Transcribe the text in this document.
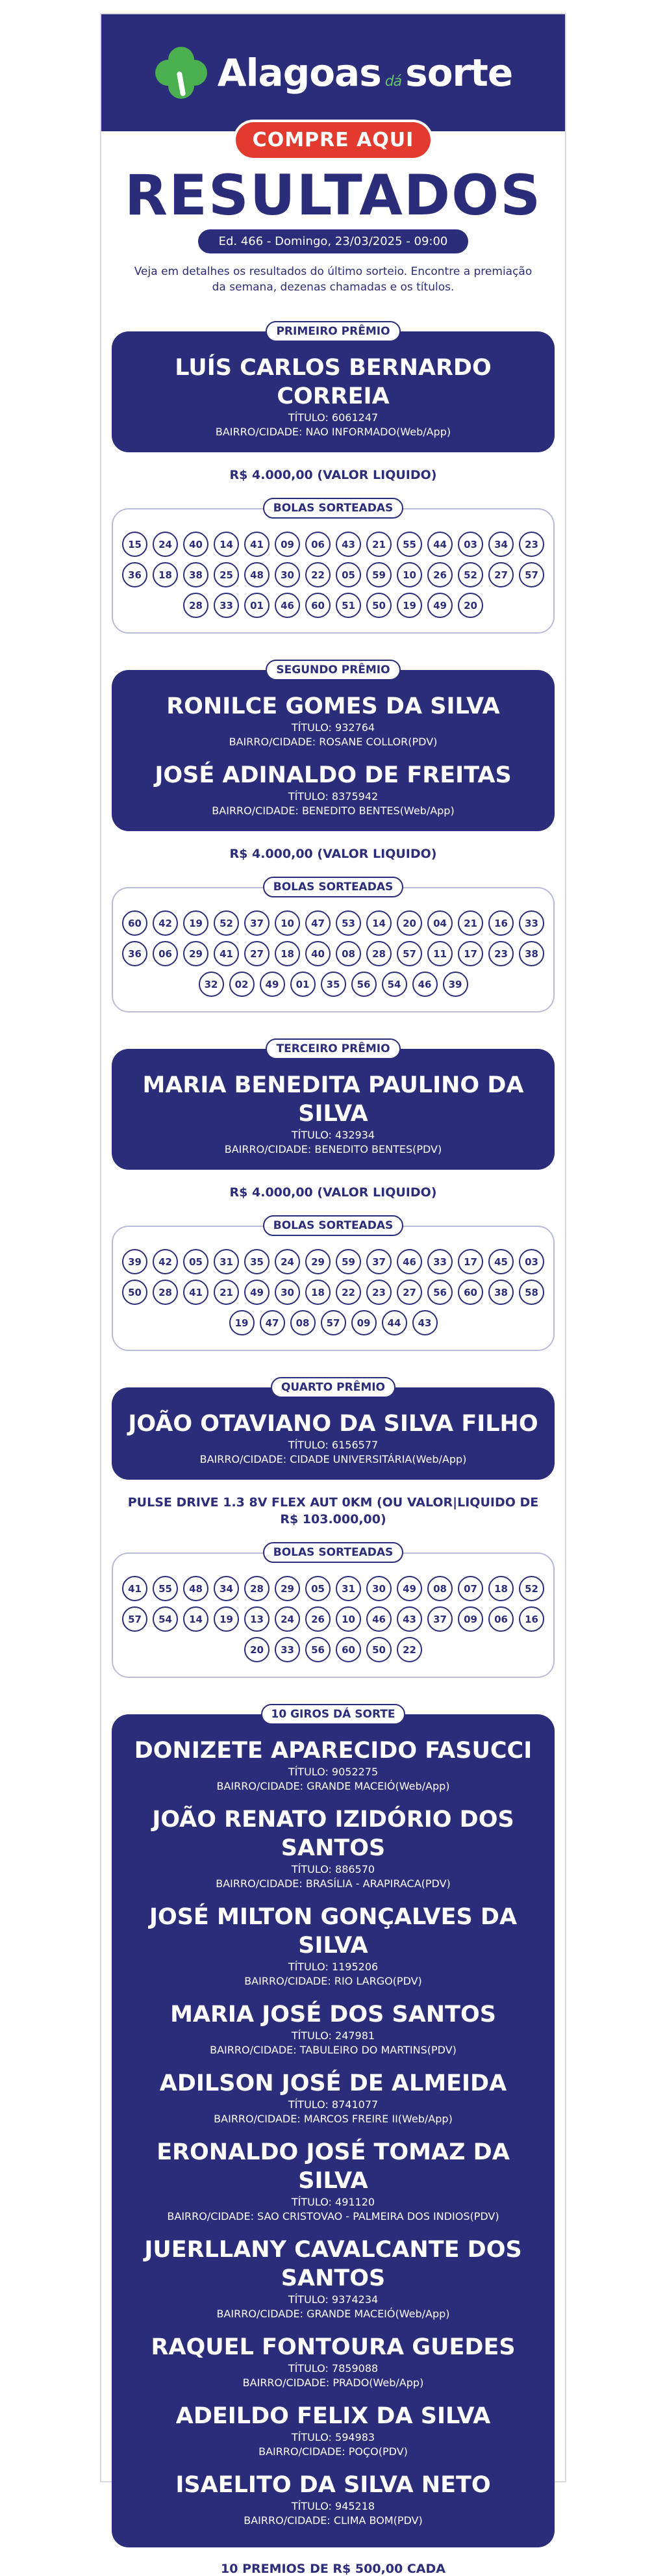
Alagoas dá sorte
COMPRE AQUI
RESULTADOS
Ed. 466 - Domingo, 23/03/2025 - 09:00

Veja em detalhes os resultados do último sorteio. Encontre a premiação da semana, dezenas chamadas e os títulos.

PRIMEIRO PRÊMIO
LUÍS CARLOS BERNARDO CORREIA
TÍTULO: 6061247
BAIRRO/CIDADE: NAO INFORMADO(Web/App)
R$ 4.000,00 (VALOR LIQUIDO)
BOLAS SORTEADAS
15	24	40	14	41	09	06	43	21	55	44	03	34	23
36	18	38	25	48	30	22	05	59	10	26	52	27	57
28	33	01	46	60	51	50	19	49	20
SEGUNDO PRÊMIO
RONILCE GOMES DA SILVA
TÍTULO: 932764
BAIRRO/CIDADE: ROSANE COLLOR(PDV)
JOSÉ ADINALDO DE FREITAS
TÍTULO: 8375942
BAIRRO/CIDADE: BENEDITO BENTES(Web/App)
R$ 4.000,00 (VALOR LIQUIDO)
BOLAS SORTEADAS
60	42	19	52	37	10	47	53	14	20	04	21	16	33
36	06	29	41	27	18	40	08	28	57	11	17	23	38
32	02	49	01	35	56	54	46	39
TERCEIRO PRÊMIO
MARIA BENEDITA PAULINO DA SILVA
TÍTULO: 432934
BAIRRO/CIDADE: BENEDITO BENTES(PDV)
R$ 4.000,00 (VALOR LIQUIDO)
BOLAS SORTEADAS
39	42	05	31	35	24	29	59	37	46	33	17	45	03
50	28	41	21	49	30	18	22	23	27	56	60	38	58
19	47	08	57	09	44	43
QUARTO PRÊMIO
JOÃO OTAVIANO DA SILVA FILHO
TÍTULO: 6156577
BAIRRO/CIDADE: CIDADE UNIVERSITÁRIA(Web/App)
PULSE DRIVE 1.3 8V FLEX AUT 0KM (OU VALOR|LIQUIDO DE R$ 103.000,00)
BOLAS SORTEADAS
41	55	48	34	28	29	05	31	30	49	08	07	18	52
57	54	14	19	13	24	26	10	46	43	37	09	06	16
20	33	56	60	50	22
10 GIROS DÁ SORTE
DONIZETE APARECIDO FASUCCI
TÍTULO: 9052275
BAIRRO/CIDADE: GRANDE MACEIÓ(Web/App)
JOÃO RENATO IZIDÓRIO DOS SANTOS
TÍTULO: 886570
BAIRRO/CIDADE: BRASÍLIA - ARAPIRACA(PDV)
JOSÉ MILTON GONÇALVES DA SILVA
TÍTULO: 1195206
BAIRRO/CIDADE: RIO LARGO(PDV)
MARIA JOSÉ DOS SANTOS
TÍTULO: 247981
BAIRRO/CIDADE: TABULEIRO DO MARTINS(PDV)
ADILSON JOSÉ DE ALMEIDA
TÍTULO: 8741077
BAIRRO/CIDADE: MARCOS FREIRE II(Web/App)
ERONALDO JOSÉ TOMAZ DA SILVA
TÍTULO: 491120
BAIRRO/CIDADE: SAO CRISTOVAO - PALMEIRA DOS INDIOS(PDV)
JUERLLANY CAVALCANTE DOS SANTOS
TÍTULO: 9374234
BAIRRO/CIDADE: GRANDE MACEIÓ(Web/App)
RAQUEL FONTOURA GUEDES
TÍTULO: 7859088
BAIRRO/CIDADE: PRADO(Web/App)
ADEILDO FELIX DA SILVA
TÍTULO: 594983
BAIRRO/CIDADE: POÇO(PDV)
ISAELITO DA SILVA NETO
TÍTULO: 945218
BAIRRO/CIDADE: CLIMA BOM(PDV)
10 PREMIOS DE R$ 500,00 CADA
